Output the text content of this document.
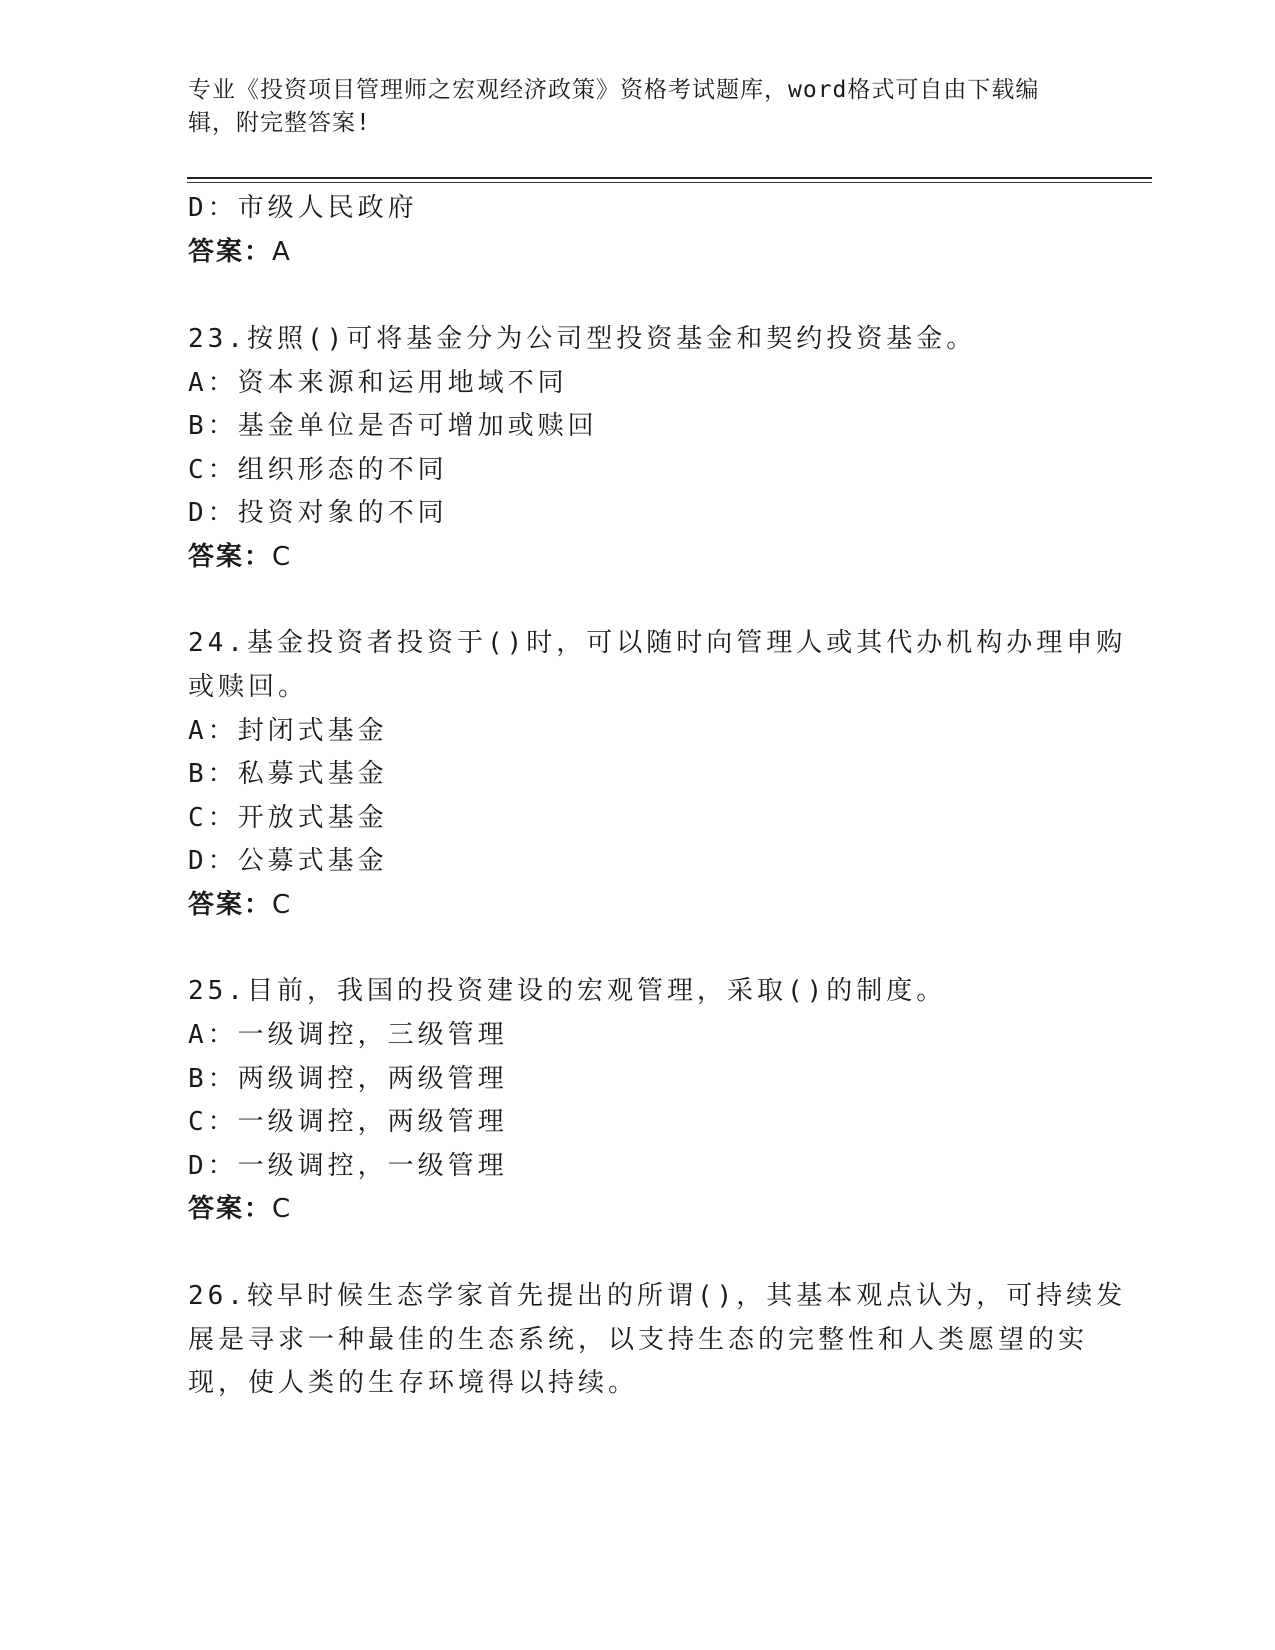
专业《投资项目管理师之宏观经济政策》资格考试题库，word格式可自由下载编
辑，附完整答案!
D：市级人民政府
答案：A
23.按照()可将基金分为公司型投资基金和契约投资基金。
A：资本来源和运用地域不同
B：基金单位是否可增加或赎回
C：组织形态的不同
D：投资对象的不同
答案：C
24.基金投资者投资于()时，可以随时向管理人或其代办机构办理申购
或赎回。
A：封闭式基金
B：私募式基金
C：开放式基金
D：公募式基金
答案：C
25.目前，我国的投资建设的宏观管理，采取()的制度。
A：一级调控，三级管理
B：两级调控，两级管理
C：一级调控，两级管理
D：一级调控，一级管理
答案：C
26.较早时候生态学家首先提出的所谓()，其基本观点认为，可持续发
展是寻求一种最佳的生态系统，以支持生态的完整性和人类愿望的实
现，使人类的生存环境得以持续。
